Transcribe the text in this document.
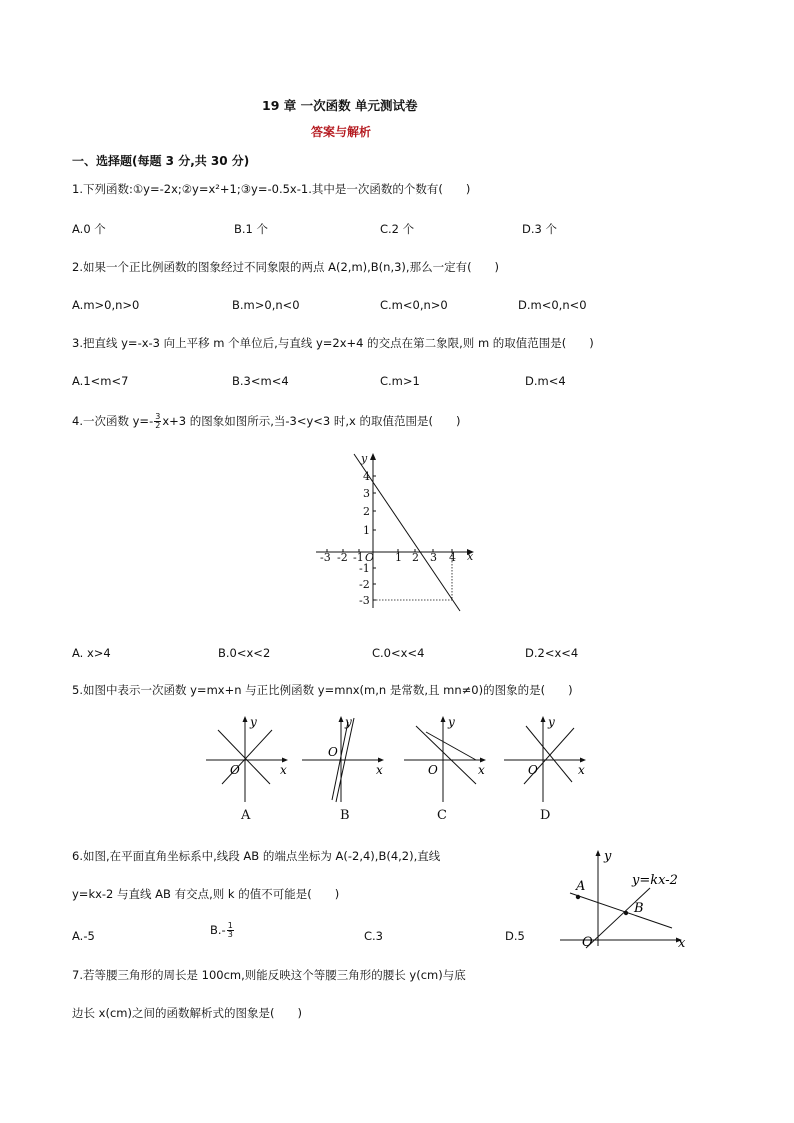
19 章 一次函数 单元测试卷
答案与解析
一、选择题(每题 3 分,共 30 分)
1.下列函数:①y=-2x;②y=x²+1;③y=-0.5x-1.其中是一次函数的个数有(　　)
A.0 个	B.1 个	C.2 个	D.3 个
2.如果一个正比例函数的图象经过不同象限的两点 A(2,m),B(n,3),那么一定有(　　)
A.m>0,n>0	B.m>0,n<0	C.m<0,n>0	D.m<0,n<0
3.把直线 y=-x-3 向上平移 m 个单位后,与直线 y=2x+4 的交点在第二象限,则 m 的取值范围是(　　)
A.1<m<7	B.3<m<4	C.m>1	D.m<4
4.一次函数 $y=- \frac{3}{2} x+3$ 的图象如图所示,当-3<y<3 时,x 的取值范围是(　　)
-3 -2 -1 O 1 2 3 4 x
y
4
3
2
1
-1
-2
-3
A. x>4	B.0<x<2	C.0<x<4	D.2<x<4
5.如图中表示一次函数 y=mx+n 与正比例函数 y=mnx(m,n 是常数,且 mn≠0)的图象的是(　　)
y
x
O
y
x
O
y
x
O
y
x
O
A	B	C	D
6.如图,在平面直角坐标系中,线段 AB 的端点坐标为 A(-2,4),B(4,2),直线
y=kx-2 与直线 AB 有交点,则 k 的值不可能是(　　)
A.-5	$B.- \frac{1}{3}$	C.3	D.5
A
B
y=kx-2
O
y
x
7.若等腰三角形的周长是 100cm,则能反映这个等腰三角形的腰长 y(cm)与底
边长 x(cm)之间的函数解析式的图象是(　　)
